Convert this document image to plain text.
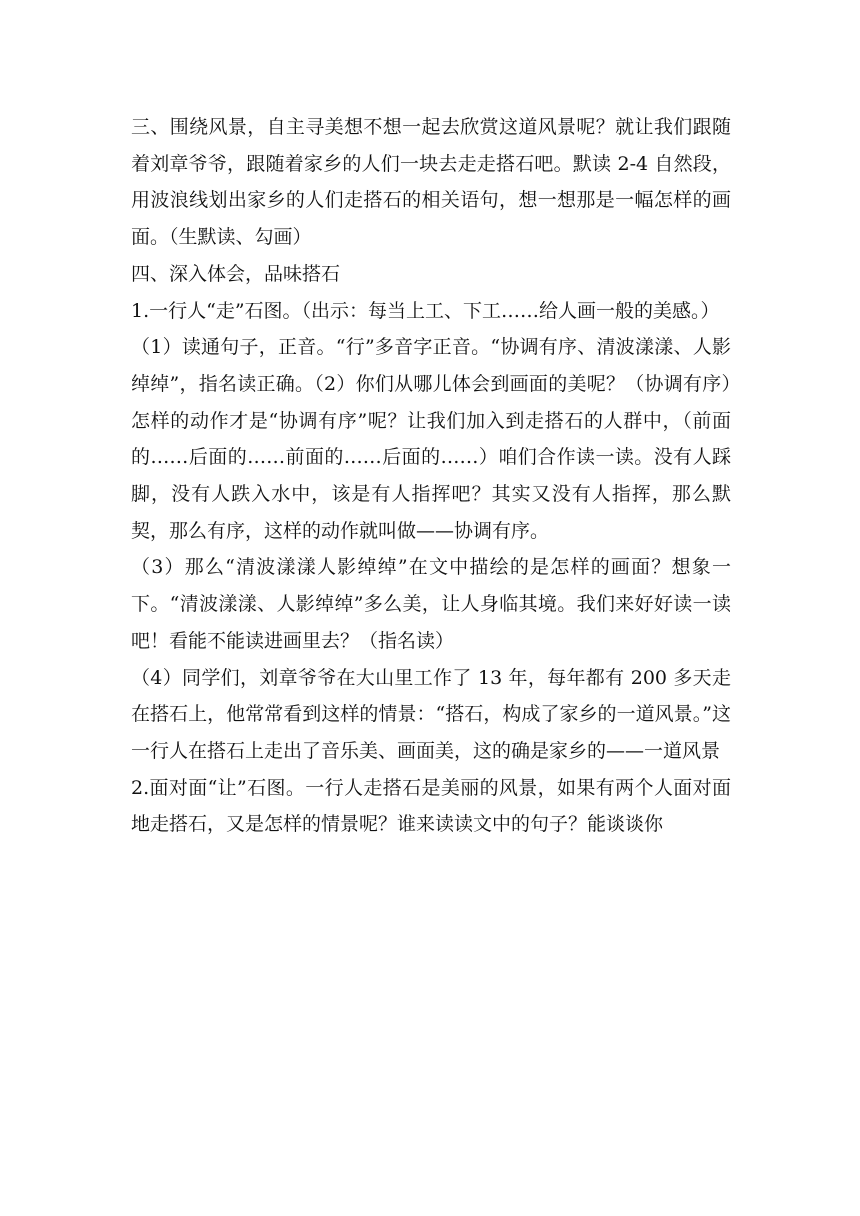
三、围绕风景，自主寻美想不想一起去欣赏这道风景呢？就让我们跟随着刘章爷爷，跟随着家乡的人们一块去走走搭石吧。默读 2-4 自然段，用波浪线划出家乡的人们走搭石的相关语句，想一想那是一幅怎样的画面。（生默读、勾画）

四、深入体会，品味搭石

1.一行人“走”石图。（出示：每当上工、下工……给人画一般的美感。）

（1）读通句子，正音。“行”多音字正音。“协调有序、清波漾漾、人影绰绰”，指名读正确。（2）你们从哪儿体会到画面的美呢？（协调有序）怎样的动作才是“协调有序”呢？让我们加入到走搭石的人群中，（前面的……后面的……前面的……后面的……）咱们合作读一读。没有人踩脚，没有人跌入水中，该是有人指挥吧？其实又没有人指挥，那么默契，那么有序，这样的动作就叫做——协调有序。

（3）那么“清波漾漾人影绰绰”在文中描绘的是怎样的画面？想象一下。“清波漾漾、人影绰绰”多么美，让人身临其境。我们来好好读一读吧！看能不能读进画里去？（指名读）

（4）同学们，刘章爷爷在大山里工作了 13 年，每年都有 200 多天走在搭石上，他常常看到这样的情景：“搭石，构成了家乡的一道风景。”这一行人在搭石上走出了音乐美、画面美，这的确是家乡的——一道风景

2.面对面“让”石图。一行人走搭石是美丽的风景，如果有两个人面对面地走搭石，又是怎样的情景呢？谁来读读文中的句子？能谈谈你
